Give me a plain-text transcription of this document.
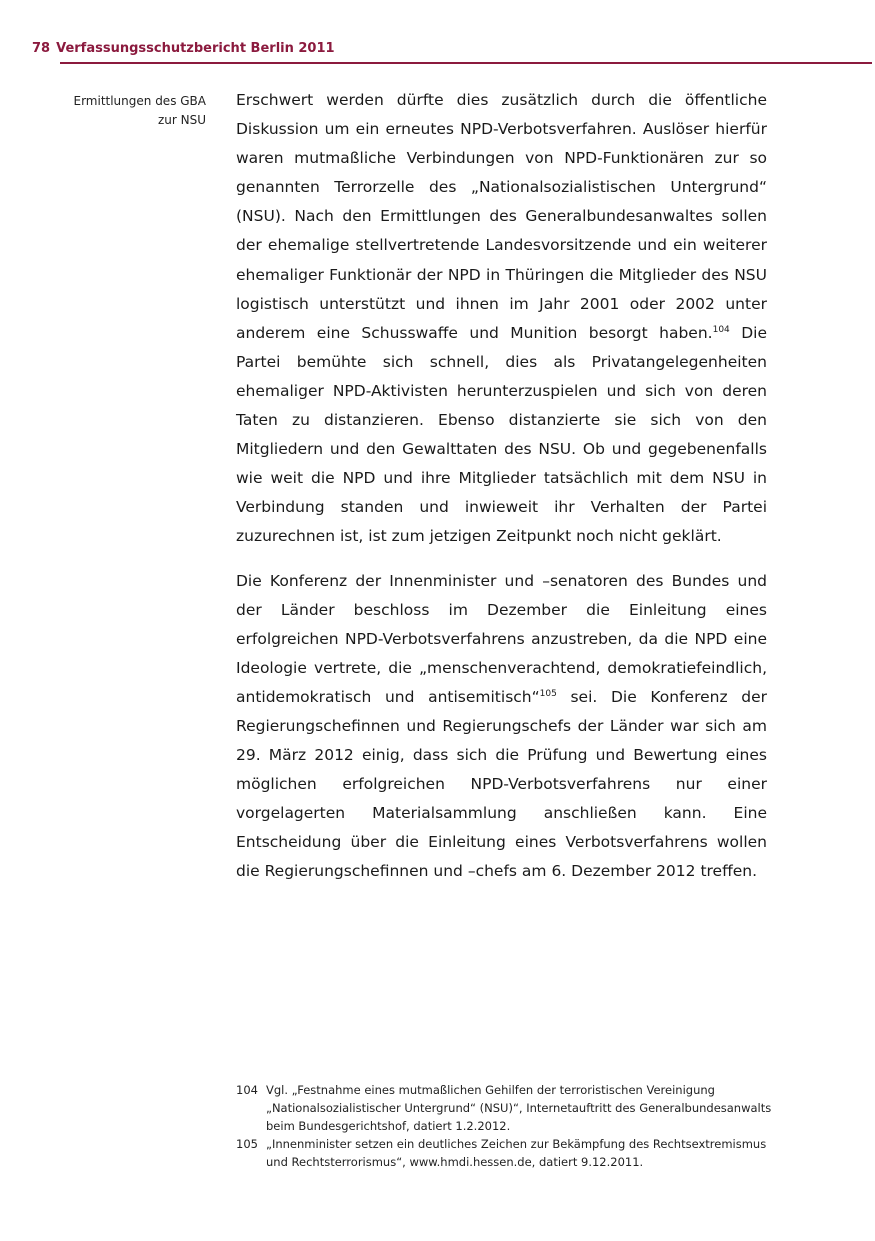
78 Verfassungsschutzbericht Berlin 2011
Ermittlungen des GBA
zur NSU

Erschwert werden dürfte dies zusätzlich durch die öffentliche Diskussion um ein erneutes NPD-Verbotsverfahren. Auslöser hierfür waren mutmaßliche Verbindungen von NPD-Funktionären zur so genannten Terrorzelle des „Nationalsozialistischen Untergrund“ (NSU). Nach den Ermittlungen des Generalbundesanwaltes sollen der ehemalige stellvertretende Landesvorsitzende und ein weiterer ehemaliger Funktionär der NPD in Thüringen die Mitglieder des NSU logistisch unterstützt und ihnen im Jahr 2001 oder 2002 unter anderem eine Schusswaffe und Munition besorgt haben.$^{104}$ Die Partei bemühte sich schnell, dies als Privatangelegenheiten ehemaliger NPD-Aktivisten herunterzuspielen und sich von deren Taten zu distanzieren. Ebenso distanzierte sie sich von den Mitgliedern und den Gewalttaten des NSU. Ob und gegebenenfalls wie weit die NPD und ihre Mitglieder tatsächlich mit dem NSU in Verbindung standen und inwieweit ihr Verhalten der Partei zuzurechnen ist, ist zum jetzigen Zeitpunkt noch nicht geklärt.

Die Konferenz der Innenminister und –senatoren des Bundes und der Länder beschloss im Dezember die Einleitung eines erfolgreichen NPD-Verbotsverfahrens anzustreben, da die NPD eine Ideologie vertrete, die „menschenverachtend, demokratiefeindlich, antidemokratisch und antisemitisch“$^{105}$ sei. Die Konferenz der Regierungschefinnen und Regierungschefs der Länder war sich am 29. März 2012 einig, dass sich die Prüfung und Bewertung eines möglichen erfolgreichen NPD-Verbotsverfahrens nur einer vorgelagerten Materialsammlung anschließen kann. Eine Entscheidung über die Einleitung eines Verbotsverfahrens wollen die Regierungschefinnen und –chefs am 6. Dezember 2012 treffen.

104 Vgl. „Festnahme eines mutmaßlichen Gehilfen der terroristischen Vereinigung „Nationalsozialistischer Untergrund“ (NSU)“, Internetauftritt des Generalbundesanwalts beim Bundesgerichtshof, datiert 1.2.2012.
105 „Innenminister setzen ein deutliches Zeichen zur Bekämpfung des Rechtsextremismus und Rechtsterrorismus“, www.hmdi.hessen.de, datiert 9.12.2011.
